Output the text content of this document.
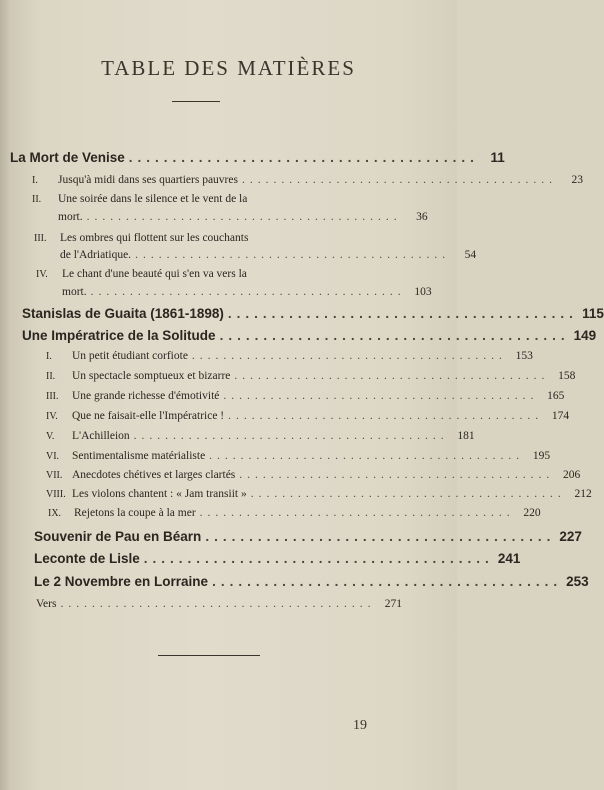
TABLE DES MATIÈRES
La Mort de Venise ........................................ 11
I. Jusqu'à midi dans ses quartiers pauvres ........................................	23
II. Une soirée dans le silence et le vent de la
mort. ........................................	36
III. Les ombres qui flottent sur les couchants
de l'Adriatique. ........................................	54
IV. Le chant d'une beauté qui s'en va vers la
mort. ........................................ 103
Stanislas de Guaita (1861-1898) ........................................ 115
Une Impératrice de la Solitude ........................................ 149
I. Un petit étudiant corfiote ........................................ 153
II. Un spectacle somptueux et bizarre ........................................ 158
III. Une grande richesse d'émotivité ........................................ 165
IV. Que ne faisait-elle l'Impératrice ! ........................................ 174
V. L'Achilleion ........................................ 181
VI. Sentimentalisme matérialiste ........................................ 195
VII. Anecdotes chétives et larges clartés ........................................ 206
VIII. Les violons chantent : « Jam transiit » ........................................ 212
IX. Rejetons la coupe à la mer ........................................ 220
Souvenir de Pau en Béarn ........................................ 227
Leconte de Lisle ........................................ 241
Le 2 Novembre en Lorraine ........................................ 253
Vers ........................................ 271
19
